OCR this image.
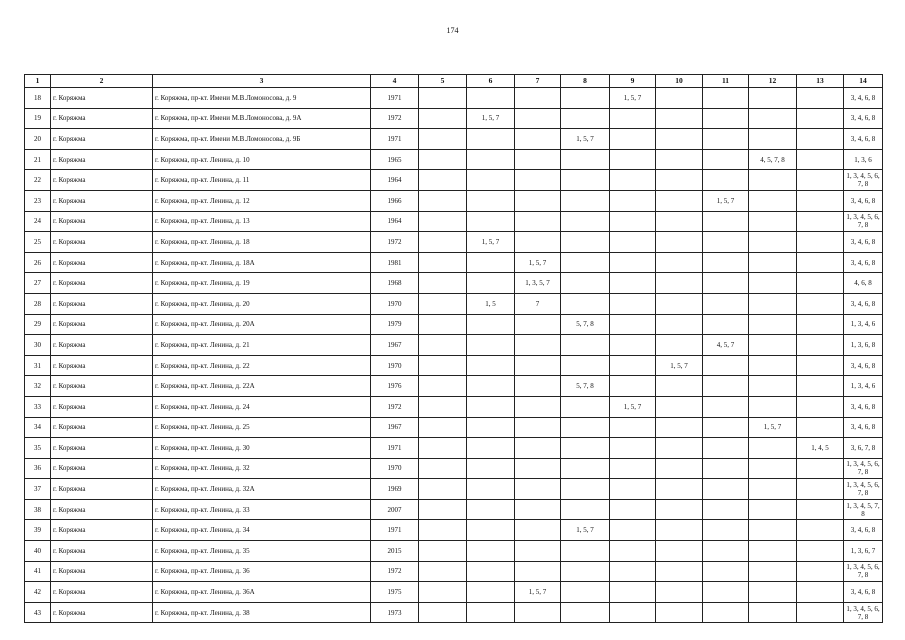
174
1	2	3	4	5	6	7	8	9	10	11	12	13	14
18	г. Коряжма	г. Коряжма, пр-кт. Имени М.В.Ломоносова, д. 9	1971					1, 5, 7					3, 4, 6, 8
19	г. Коряжма	г. Коряжма, пр-кт. Имени М.В.Ломоносова, д. 9А	1972		1, 5, 7								3, 4, 6, 8
20	г. Коряжма	г. Коряжма, пр-кт. Имени М.В.Ломоносова, д. 9Б	1971				1, 5, 7						3, 4, 6, 8
21	г. Коряжма	г. Коряжма, пр-кт. Ленина, д. 10	1965								4, 5, 7, 8		1, 3, 6
22	г. Коряжма	г. Коряжма, пр-кт. Ленина, д. 11	1964										1, 3, 4, 5, 6, 7, 8
23	г. Коряжма	г. Коряжма, пр-кт. Ленина, д. 12	1966							1, 5, 7			3, 4, 6, 8
24	г. Коряжма	г. Коряжма, пр-кт. Ленина, д. 13	1964										1, 3, 4, 5, 6, 7, 8
25	г. Коряжма	г. Коряжма, пр-кт. Ленина, д. 18	1972		1, 5, 7								3, 4, 6, 8
26	г. Коряжма	г. Коряжма, пр-кт. Ленина, д. 18А	1981			1, 5, 7							3, 4, 6, 8
27	г. Коряжма	г. Коряжма, пр-кт. Ленина, д. 19	1968			1, 3, 5, 7							4, 6, 8
28	г. Коряжма	г. Коряжма, пр-кт. Ленина, д. 20	1970		1, 5	7							3, 4, 6, 8
29	г. Коряжма	г. Коряжма, пр-кт. Ленина, д. 20А	1979				5, 7, 8						1, 3, 4, 6
30	г. Коряжма	г. Коряжма, пр-кт. Ленина, д. 21	1967							4, 5, 7			1, 3, 6, 8
31	г. Коряжма	г. Коряжма, пр-кт. Ленина, д. 22	1970						1, 5, 7				3, 4, 6, 8
32	г. Коряжма	г. Коряжма, пр-кт. Ленина, д. 22А	1976				5, 7, 8						1, 3, 4, 6
33	г. Коряжма	г. Коряжма, пр-кт. Ленина, д. 24	1972					1, 5, 7					3, 4, 6, 8
34	г. Коряжма	г. Коряжма, пр-кт. Ленина, д. 25	1967								1, 5, 7		3, 4, 6, 8
35	г. Коряжма	г. Коряжма, пр-кт. Ленина, д. 30	1971									1, 4, 5	3, 6, 7, 8
36	г. Коряжма	г. Коряжма, пр-кт. Ленина, д. 32	1970										1, 3, 4, 5, 6, 7, 8
37	г. Коряжма	г. Коряжма, пр-кт. Ленина, д. 32А	1969										1, 3, 4, 5, 6, 7, 8
38	г. Коряжма	г. Коряжма, пр-кт. Ленина, д. 33	2007										1, 3, 4, 5, 7, 8
39	г. Коряжма	г. Коряжма, пр-кт. Ленина, д. 34	1971				1, 5, 7						3, 4, 6, 8
40	г. Коряжма	г. Коряжма, пр-кт. Ленина, д. 35	2015										1, 3, 6, 7
41	г. Коряжма	г. Коряжма, пр-кт. Ленина, д. 36	1972										1, 3, 4, 5, 6, 7, 8
42	г. Коряжма	г. Коряжма, пр-кт. Ленина, д. 36А	1975			1, 5, 7							3, 4, 6, 8
43	г. Коряжма	г. Коряжма, пр-кт. Ленина, д. 38	1973										1, 3, 4, 5, 6, 7, 8
